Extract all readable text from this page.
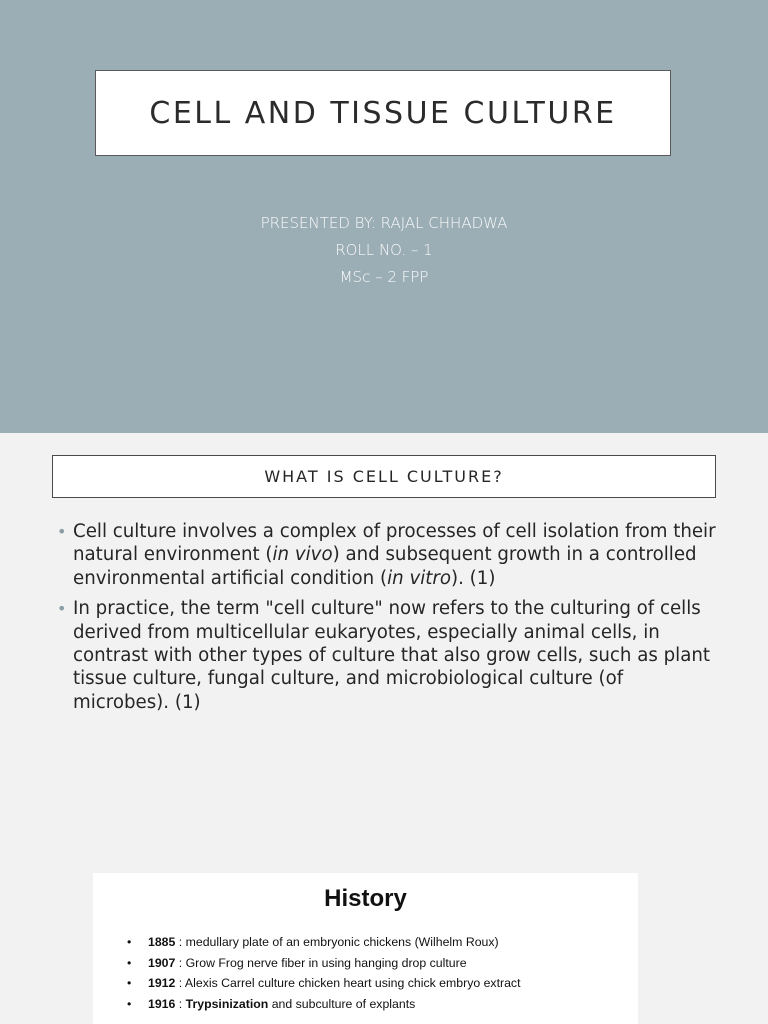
CELL AND TISSUE CULTURE
PRESENTED BY: RAJAL CHHADWA
ROLL NO. – 1
MSc – 2 FPP
WHAT IS CELL CULTURE?
• Cell culture involves a complex of processes of cell isolation from their natural environment (in vivo) and subsequent growth in a controlled environmental artificial condition (in vitro). (1)
• In practice, the term "cell culture" now refers to the culturing of cells derived from multicellular eukaryotes, especially animal cells, in contrast with other types of culture that also grow cells, such as plant tissue culture, fungal culture, and microbiological culture (of microbes). (1)
History
• 1885 : medullary plate of an embryonic chickens (Wilhelm Roux)
• 1907 : Grow Frog nerve fiber in using hanging drop culture
• 1912 : Alexis Carrel culture chicken heart using chick embryo extract
• 1916 : Trypsinization and subculture of explants
